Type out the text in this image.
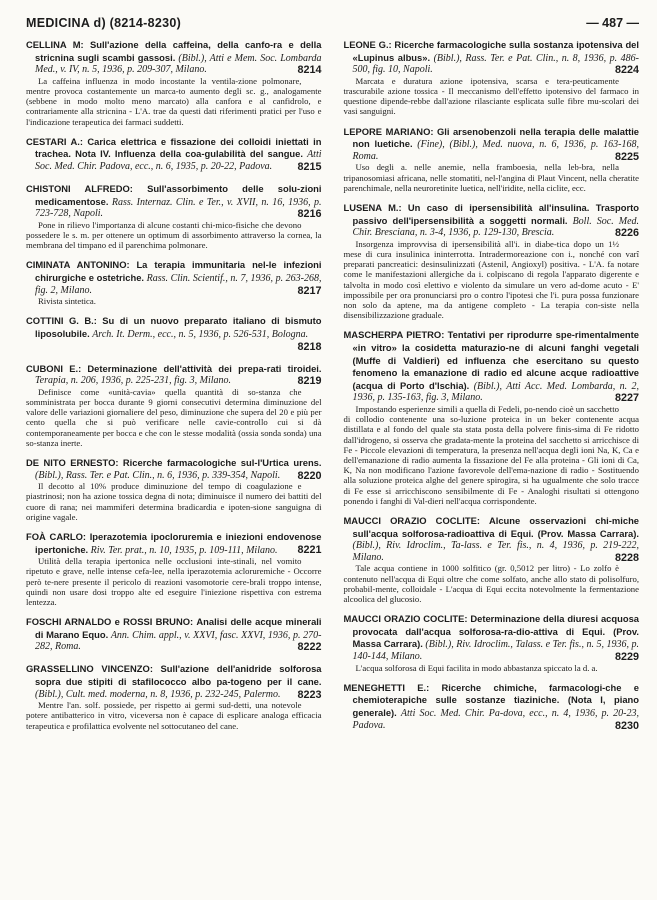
MEDICINA d) (8214-8230)	— 487 —
CELLINA M: Sull'azione della caffeina, della canfo-ra e della stricnina sugli scambi gassosi. (Bibl.), Atti e Mem. Soc. Lombarda Med., v. IV, n. 5, 1936, p. 209-307, Milano.	8214
La caffeina influenza in modo incostante la ventila-zione polmonare, mentre provoca costantemente un marca-to aumento degli sc. g., analogamente (sebbene in modo molto meno marcato) alla canfora e al canfidrolo, e contrariamente alla stricnina - L'A. trae da questi dati riferimenti pratici per l'uso e l'indicazione terapeutica dei farmaci suddetti.
CESTARI A.: Carica elettrica e fissazione dei colloidi iniettati in trachea. Nota IV. Influenza della coa-gulabilità del sangue. Atti Soc. Med. Chir. Padova, ecc., n. 6, 1935, p. 20-22, Padova. 8215
CHISTONI ALFREDO: Sull'assorbimento delle solu-zioni medicamentose. Rass. Internaz. Clin. e Ter., v. XVII, n. 16, 1936, p. 723-728, Napoli.	8216
Pone in rilievo l'importanza di alcune costanti chi-mico-fisiche che devono possedere le s. m. per ottenere un optimum di assorbimento attraverso la cornea, la membrana del timpano ed il parenchima polmonare.
CIMINATA ANTONINO: La terapia immunitaria nel-le infezioni chirurgiche e ostetriche. Rass. Clin. Scientif., n. 7, 1936, p. 263-268, fig. 2, Milano.	8217
Rivista sintetica.
COTTINI G. B.: Su di un nuovo preparato italiano di bismuto liposolubile. Arch. It. Derm., ecc., n. 5, 1936, p. 526-531, Bologna.
8218
CUBONI E.: Determinazione dell'attività dei prepa-rati tiroidei. Terapia, n. 206, 1936, p. 225-231, fig. 3, Milano.	8219
Definisce come «unità-cavia» quella quantità di so-stanza che somministrata per bocca durante 9 giorni consecutivi determina diminuzione del valore delle variazioni giornaliere del peso, diminuzione che supera del 20 e più per cento quella che si può verificare nelle cavie-controllo cui si dà contemporaneamente per bocca e che con le stesse modalità (ossia sonda sonda) una so-stanza inerte.
DE NITO ERNESTO: Ricerche farmacologiche sul-l'Urtica urens. (Bibl.), Rass. Ter. e Pat. Clin., n. 6, 1936, p. 339-354, Napoli. 8220
Il decotto al 10% produce diminuzione del tempo di coagulazione e piastrinosi; non ha azione tossica degna di nota; diminuisce il numero dei battiti del cuore di rana; nei mammiferi determina bradicardia e ipoten-sione sanguigna di origine vagale.
FOÀ CARLO: Iperazotemia ipocloruremia e iniezioni endovenose ipertoniche. Riv. Ter. prat., n. 10, 1935, p. 109-111, Milano. 8221
Utilità della terapia ipertonica nelle occlusioni inte-stinali, nel vomito ripetuto e grave, nelle intense cefa-lee, nella iperazotemia acloruremiche - Occorre però te-nere presente il pericolo di reazioni vasomotorie cere-brali troppo intense, quindi non usare dosi troppo alte ed eseguire l'iniezione rispettiva con estrema lentezza.
FOSCHI ARNALDO e ROSSI BRUNO: Analisi delle acque minerali di Marano Equo. Ann. Chim. appl., v. XXVI, fasc. XXVI, 1936, p. 270-282, Roma.	8222
GRASSELLINO VINCENZO: Sull'azione dell'anidride solforosa sopra due stipiti di stafilococco albo pa-togeno per il cane. (Bibl.), Cult. med. moderna, n. 8, 1936, p. 232-245, Palermo. 8223
Mentre l'an. solf. possiede, per rispetto ai germi sud-detti, una notevole potere antibatterico in vitro, viceversa non è capace di esplicare analoga efficacia terapeutica e profilattica evolvente nel sottocutaneo del cane.
LEONE G.: Ricerche farmacologiche sulla sostanza ipotensiva del «Lupinus albus». (Bibl.), Rass. Ter. e Pat. Clin., n. 8, 1936, p. 486-500, fig. 10, Napoli.	8224
Marcata e duratura azione ipotensiva, scarsa e tera-peuticamente trascurabile azione tossica - Il meccanismo dell'effetto ipotensivo del farmaco in questione dipende-rebbe dall'azione rilasciante esplicata sulle fibre mu-scolari dei vasi sanguigni.
LEPORE MARIANO: Gli arsenobenzoli nella terapia delle malattie non luetiche. (Fine), (Bibl.), Med. nuova, n. 6, 1936, p. 163-168, Roma.	8225
Uso degli a. nelle anemie, nella framboesia, nella leb-bra, nella tripanosomiasi africana, nelle stomatiti, nel-l'angina di Plaut Vincent, nella cheratite parenchimale, nella neuroretinite luetica, nell'iridite, nella ciclite, ecc.
LUSENA M.: Un caso di ipersensibilità all'insulina. Trasporto passivo dell'ipersensibilità a soggetti normali. Boll. Soc. Med. Chir. Bresciana, n. 3-4, 1936, p. 129-130, Brescia.	8226
Insorgenza improvvisa di ipersensibilità all'i. in diabe-tica dopo un 1½ mese di cura insulinica ininterrotta. Intradermoreazione con i., nonché con varî preparati pancreatici: desinsulinizzati (Astenil, Angioxyl) positiva. - L'A. fa notare come le manifestazioni allergiche da i. colpiscano di regola l'apparato digerente e talvolta in modo così elettivo e violento da simulare un vero ad-dome acuto - E' impossibile per ora pronunciarsi pro o contro l'ipotesi che l'i. pura possa funzionare non solo da aptene, ma da antigene completo - La terapia con-siste nella disensibilizzazione graduale.
MASCHERPA PIETRO: Tentativi per riprodurre spe-rimentalmente «in vitro» la cosidetta maturazio-ne di alcuni fanghi vegetali (Muffe di Valdieri) ed influenza che esercitano su questo fenomeno la emanazione di radio ed alcune acque radioattive (acqua di Porto d'Ischia). (Bibl.), Atti Acc. Med. Lombarda, n. 2, 1936, p. 135-163, fig. 3, Milano.	8227
Impostando esperienze simili a quella di Fedeli, po-nendo cioè un sacchetto di collodio contenente una so-luzione proteica in un beker contenente acqua distillata e al fondo del quale sta stata posta della polvere finis-sima di Fe ridotto dall'idrogeno, si osserva che gradata-mente la proteina del sacchetto si arricchisce di Fe - Piccole elevazioni di temperatura, la presenza nell'acqua degli ioni Na, K, Ca e dell'emanazione di radio aumenta la fissazione del Fe alla proteina - Gli ioni di Ca, K, Na non modificano l'azione favorevole dell'ema-nazione di radio - Sostituendo alla soluzione proteica alghe del genere spirogira, si ha ugualmente che solo tracce di Fe esse si arricchiscono sensibilmente di Fe - Analoghi risultati si ottengono ponendo i fanghi di Val-dieri nell'acqua corrispondente.
MAUCCI ORAZIO COCLITE: Alcune osservazioni chi-miche sull'acqua solforosa-radioattiva di Equi. (Prov. Massa Carrara). (Bibl.), Riv. Idroclim., Ta-lass. e Ter. fis., n. 4, 1936, p. 219-222, Milano.	8228
Tale acqua contiene in 1000 solfitico (gr. 0,5012 per litro) - Lo zolfo è contenuto nell'acqua di Equi oltre che come solfato, anche allo stato di polisolfuro, probabil-mente, colloidale - L'acqua di Equi eccita notevolmente la fermentazione alcoolica del glucosio.
MAUCCI ORAZIO COCLITE: Determinazione della diuresi acquosa provocata dall'acqua solforosa-ra-dio-attiva di Equi. (Prov. Massa Carrara). (Bibl.), Riv. Idroclim., Talass. e Ter. fis., n. 5, 1936, p. 140-144, Milano.	8229
L'acqua solforosa di Equi facilita in modo abbastanza spiccato la d. a.
MENEGHETTI E.: Ricerche chimiche, farmacologi-che e chemioterapiche sulle sostanze tiaziniche. (Nota I, piano generale). Atti Soc. Med. Chir. Pa-dova, ecc., n. 4, 1936, p. 20-23, Padova.	8230
